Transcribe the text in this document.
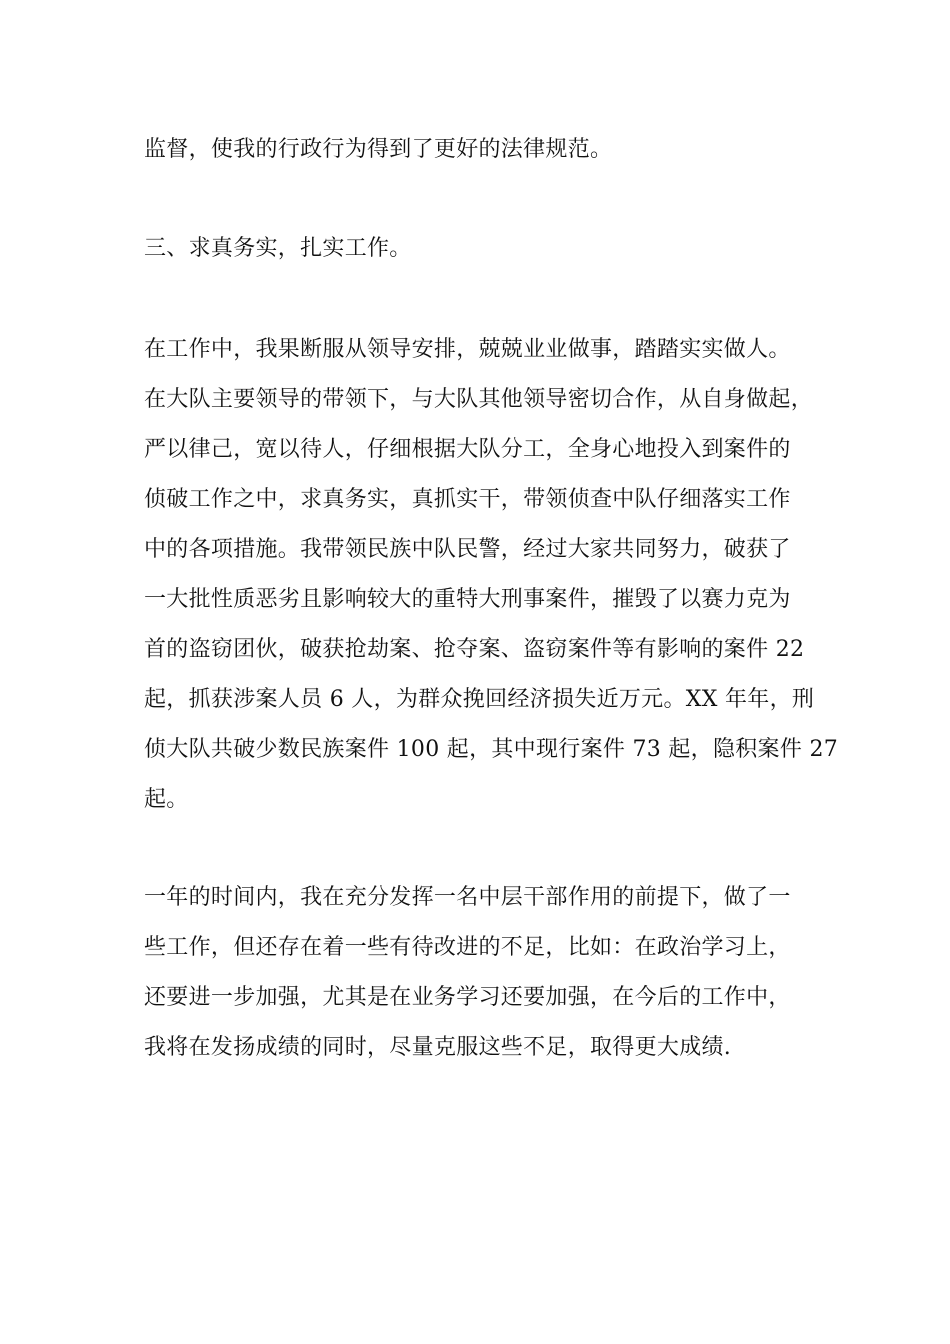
监督，使我的行政行为得到了更好的法律规范。
三、求真务实，扎实工作。
在工作中，我果断服从领导安排，兢兢业业做事，踏踏实实做人。
在大队主要领导的带领下，与大队其他领导密切合作，从自身做起，
严以律己，宽以待人，仔细根据大队分工，全身心地投入到案件的
侦破工作之中，求真务实，真抓实干，带领侦查中队仔细落实工作
中的各项措施。我带领民族中队民警，经过大家共同努力，破获了
一大批性质恶劣且影响较大的重特大刑事案件，摧毁了以赛力克为
首的盗窃团伙，破获抢劫案、抢夺案、盗窃案件等有影响的案件 22
起，抓获涉案人员 6 人，为群众挽回经济损失近万元。XX 年年，刑
侦大队共破少数民族案件 100 起，其中现行案件 73 起，隐积案件 27
起。
一年的时间内，我在充分发挥一名中层干部作用的前提下，做了一
些工作，但还存在着一些有待改进的不足，比如：在政治学习上，
还要进一步加强，尤其是在业务学习还要加强，在今后的工作中，
我将在发扬成绩的同时，尽量克服这些不足，取得更大成绩.
